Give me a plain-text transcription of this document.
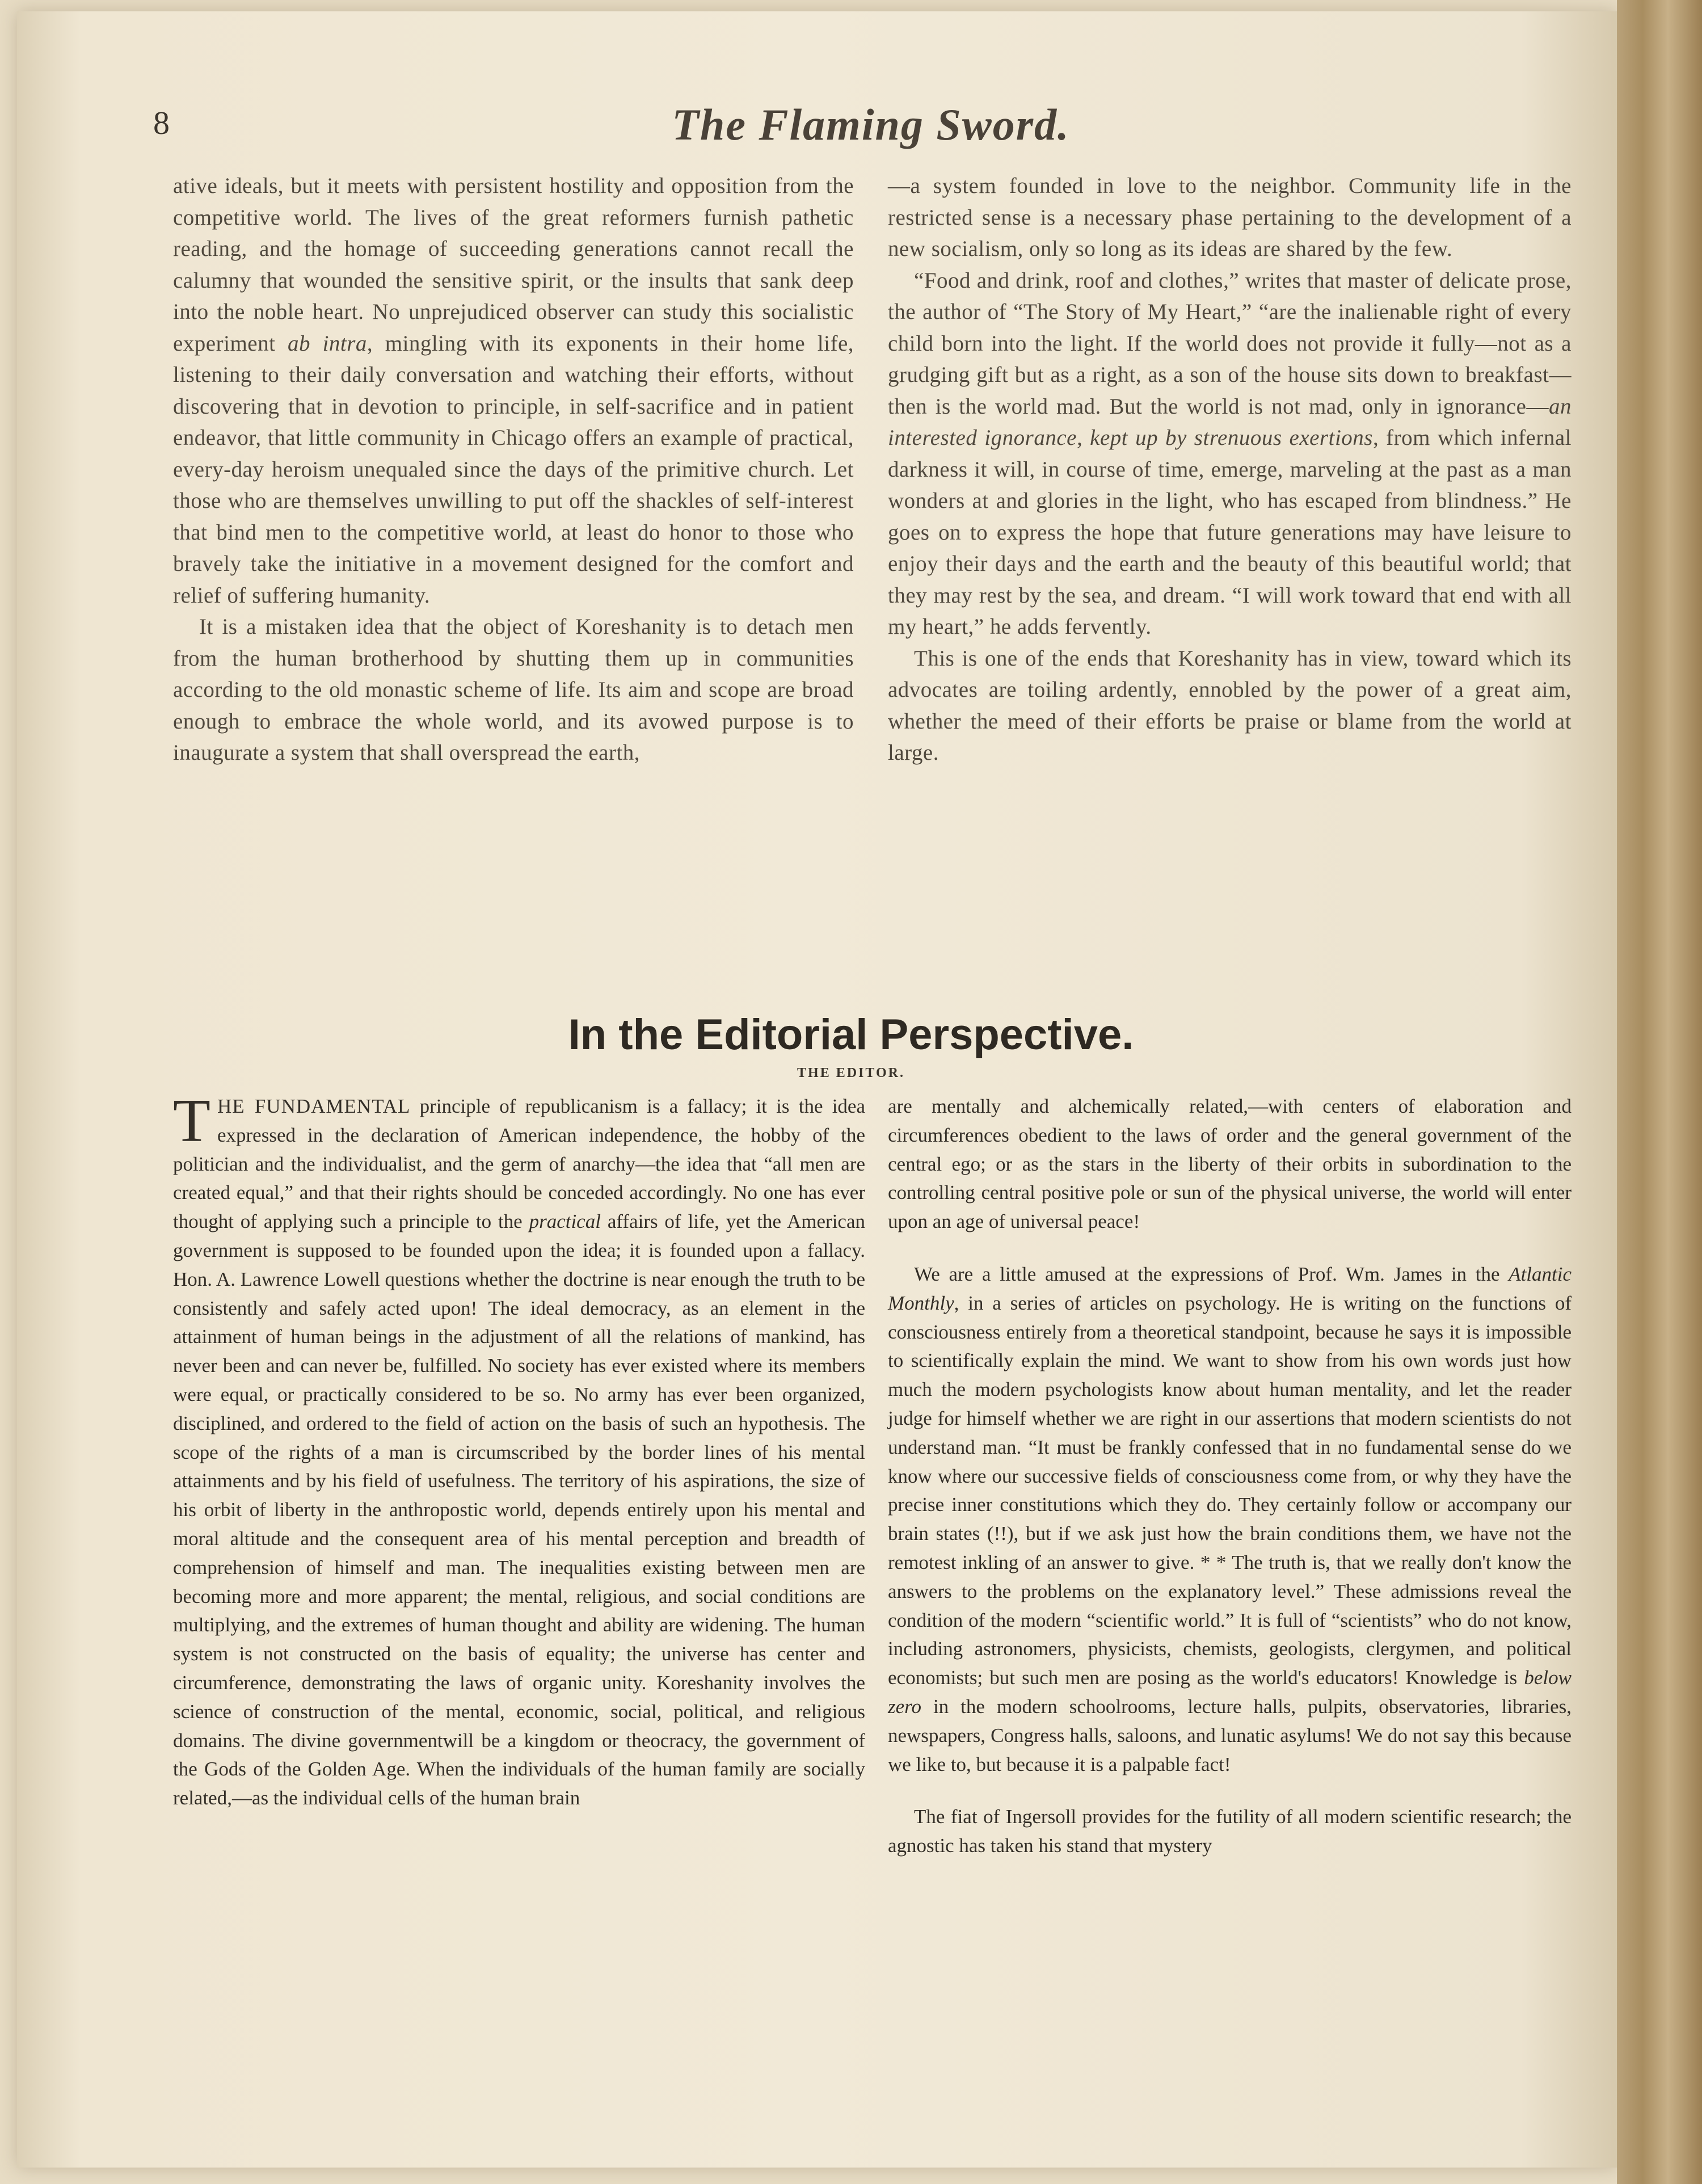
8	The Flaming Sword.

ative ideals, but it meets with persistent hostility and opposition from the competitive world. The lives of the great reformers furnish pathetic reading, and the homage of succeeding generations cannot recall the calumny that wounded the sensitive spirit, or the insults that sank deep into the noble heart. No unprejudiced observer can study this socialistic experiment ab intra, mingling with its exponents in their home life, listening to their daily conversation and watching their efforts, without discovering that in devotion to principle, in self-sacrifice and in patient endeavor, that little community in Chicago offers an example of practical, every-day heroism unequaled since the days of the primitive church. Let those who are themselves unwilling to put off the shackles of self-interest that bind men to the competitive world, at least do honor to those who bravely take the initiative in a movement designed for the comfort and relief of suffering humanity.

It is a mistaken idea that the object of Koreshanity is to detach men from the human brotherhood by shutting them up in communities according to the old monastic scheme of life. Its aim and scope are broad enough to embrace the whole world, and its avowed purpose is to inaugurate a system that shall overspread the earth,

—a system founded in love to the neighbor. Community life in the restricted sense is a necessary phase pertaining to the development of a new socialism, only so long as its ideas are shared by the few.

“Food and drink, roof and clothes,” writes that master of delicate prose, the author of “The Story of My Heart,” “are the inalienable right of every child born into the light. If the world does not provide it fully—not as a grudging gift but as a right, as a son of the house sits down to breakfast—then is the world mad. But the world is not mad, only in ignorance—an interested ignorance, kept up by strenuous exertions, from which infernal darkness it will, in course of time, emerge, marveling at the past as a man wonders at and glories in the light, who has escaped from blindness.” He goes on to express the hope that future generations may have leisure to enjoy their days and the earth and the beauty of this beautiful world; that they may rest by the sea, and dream. “I will work toward that end with all my heart,” he adds fervently.

This is one of the ends that Koreshanity has in view, toward which its advocates are toiling ardently, ennobled by the power of a great aim, whether the meed of their efforts be praise or blame from the world at large.

In the Editorial Perspective.
THE EDITOR.

THE FUNDAMENTAL principle of republicanism is a fallacy; it is the idea expressed in the declaration of American independence, the hobby of the politician and the individualist, and the germ of anarchy—the idea that “all men are created equal,” and that their rights should be conceded accordingly. No one has ever thought of applying such a principle to the practical affairs of life, yet the American government is supposed to be founded upon the idea; it is founded upon a fallacy. Hon. A. Lawrence Lowell questions whether the doctrine is near enough the truth to be consistently and safely acted upon! The ideal democracy, as an element in the attainment of human beings in the adjustment of all the relations of mankind, has never been and can never be, fulfilled. No society has ever existed where its members were equal, or practically considered to be so. No army has ever been organized, disciplined, and ordered to the field of action on the basis of such an hypothesis. The scope of the rights of a man is circumscribed by the border lines of his mental attainments and by his field of usefulness. The territory of his aspirations, the size of his orbit of liberty in the anthropostic world, depends entirely upon his mental and moral altitude and the consequent area of his mental perception and breadth of comprehension of himself and man. The inequalities existing between men are becoming more and more apparent; the mental, religious, and social conditions are multiplying, and the extremes of human thought and ability are widening. The human system is not constructed on the basis of equality; the universe has center and circumference, demonstrating the laws of organic unity. Koreshanity involves the science of construction of the mental, economic, social, political, and religious domains. The divine governmentwill be a kingdom or theocracy, the government of the Gods of the Golden Age. When the individuals of the human family are socially related,—as the individual cells of the human brain

are mentally and alchemically related,—with centers of elaboration and circumferences obedient to the laws of order and the general government of the central ego; or as the stars in the liberty of their orbits in subordination to the controlling central positive pole or sun of the physical universe, the world will enter upon an age of universal peace!

We are a little amused at the expressions of Prof. Wm. James in the Atlantic Monthly, in a series of articles on psychology. He is writing on the functions of consciousness entirely from a theoretical standpoint, because he says it is impossible to scientifically explain the mind. We want to show from his own words just how much the modern psychologists know about human mentality, and let the reader judge for himself whether we are right in our assertions that modern scientists do not understand man. “It must be frankly confessed that in no fundamental sense do we know where our successive fields of consciousness come from, or why they have the precise inner constitutions which they do. They certainly follow or accompany our brain states (!!), but if we ask just how the brain conditions them, we have not the remotest inkling of an answer to give. * * The truth is, that we really don't know the answers to the problems on the explanatory level.” These admissions reveal the condition of the modern “scientific world.” It is full of “scientists” who do not know, including astronomers, physicists, chemists, geologists, clergymen, and political economists; but such men are posing as the world's educators! Knowledge is below zero in the modern schoolrooms, lecture halls, pulpits, observatories, libraries, newspapers, Congress halls, saloons, and lunatic asylums! We do not say this because we like to, but because it is a palpable fact!

The fiat of Ingersoll provides for the futility of all modern scientific research; the agnostic has taken his stand that mystery
